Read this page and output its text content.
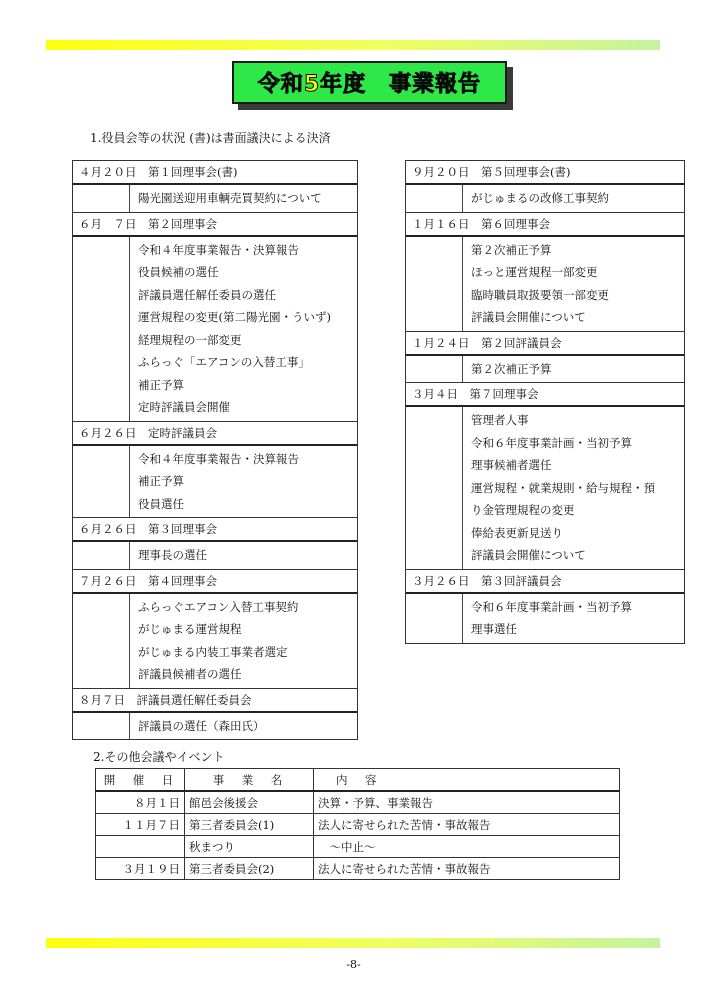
令和5年度　事業報告
1.役員会等の状況 (書)は書面議決による決済
４月２０日　第１回理事会(書)
陽光園送迎用車輌売買契約について
６月　７日　第２回理事会
令和４年度事業報告・決算報告
役員候補の選任
評議員選任解任委員の選任
運営規程の変更(第二陽光園・ういず)
経理規程の一部変更
ふらっぐ「エアコンの入替工事」
補正予算
定時評議員会開催
６月２６日　定時評議員会
令和４年度事業報告・決算報告
補正予算
役員選任
６月２６日　第３回理事会
理事長の選任
７月２６日　第４回理事会
ふらっぐエアコン入替工事契約
がじゅまる運営規程
がじゅまる内装工事業者選定
評議員候補者の選任
８月７日　評議員選任解任委員会
評議員の選任（森田氏）
９月２０日　第５回理事会(書)
がじゅまるの改修工事契約
１月１６日　第６回理事会
第２次補正予算
ほっと運営規程一部変更
臨時職員取扱要領一部変更
評議員会開催について
１月２４日　第２回評議員会
第２次補正予算
３月４日　第７回理事会
管理者人事
令和６年度事業計画・当初予算
理事候補者選任
運営規程・就業規則・給与規程・預
り金管理規程の変更
俸給表更新見送り
評議員会開催について
３月２６日　第３回評議員会
令和６年度事業計画・当初予算
理事選任
2.その他会議やイベント
開　催　日	事　業　名	内　容
８月１日	館邑会後援会	決算・予算、事業報告
１１月７日	第三者委員会(1)	法人に寄せられた苦情・事故報告
	秋まつり	　～中止～
３月１９日	第三者委員会(2)	法人に寄せられた苦情・事故報告
-8-
